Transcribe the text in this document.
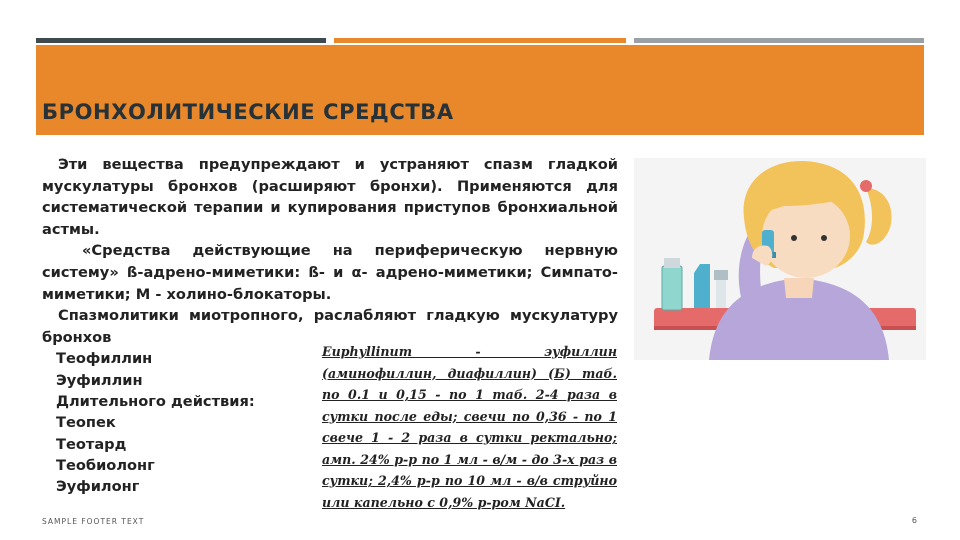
БРОНХОЛИТИЧЕСКИЕ СРЕДСТВА

Эти вещества предупреждают и устраняют спазм гладкой мускулатуры бронхов (расширяют бронхи). Применяются для систематической терапии и купирования приступов бронхиальной астмы.

«Средства действующие на периферическую нервную систему» ß-адрено-миметики: ß- и α- адрено-миметики; Симпато-миметики; М - холино-блокаторы.

Спазмолитики миотропного, раслабляют гладкую мускулатуру бронхов

Теофиллин
Эуфиллин
Длительного действия:
Теопек
Теотард
Теобиолонг
Эуфилонг
Euphyllinum - эуфиллин (аминофиллин, диафиллин) (Б) таб. по 0.1 и 0,15 - по 1 таб. 2-4 раза в сутки после еды; свечи по 0,36 - по 1 свече 1 - 2 раза в сутки ректально; амп. 24% р-р по 1 мл - в/м - до 3-х раз в сутки; 2,4% р-р по 10 мл - в/в струйно или капельно с 0,9% р-ром NaCI.
SAMPLE FOOTER TEXT	6
